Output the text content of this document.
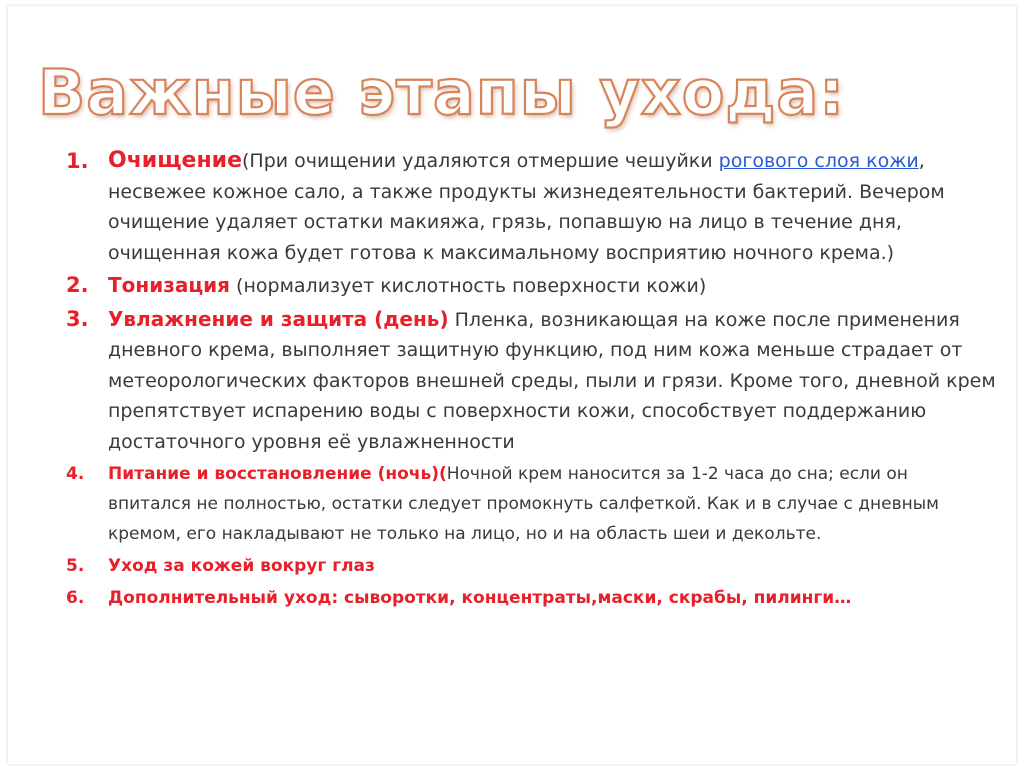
Важные этапы ухода:
1. Очищение(При очищении удаляются отмершие чешуйки рогового слоя кожи, несвежее кожное сало, а также продукты жизнедеятельности бактерий. Вечером очищение удаляет остатки макияжа, грязь, попавшую на лицо в течение дня, очищенная кожа будет готова к максимальному восприятию ночного крема.)
2. Тонизация (нормализует кислотность поверхности кожи)
3. Увлажнение и защита (день) Пленка, возникающая на коже после применения дневного крема, выполняет защитную функцию, под ним кожа меньше страдает от метеорологических факторов внешней среды, пыли и грязи. Кроме того, дневной крем препятствует испарению воды с поверхности кожи, способствует поддержанию достаточного уровня её увлажненности
4. Питание и восстановление (ночь)(Ночной крем наносится за 1-2 часа до сна; если он впитался не полностью, остатки следует промокнуть салфеткой. Как и в случае с дневным кремом, его накладывают не только на лицо, но и на область шеи и декольте.
5. Уход за кожей вокруг глаз
6. Дополнительный уход: сыворотки, концентраты,маски, скрабы, пилинги…
